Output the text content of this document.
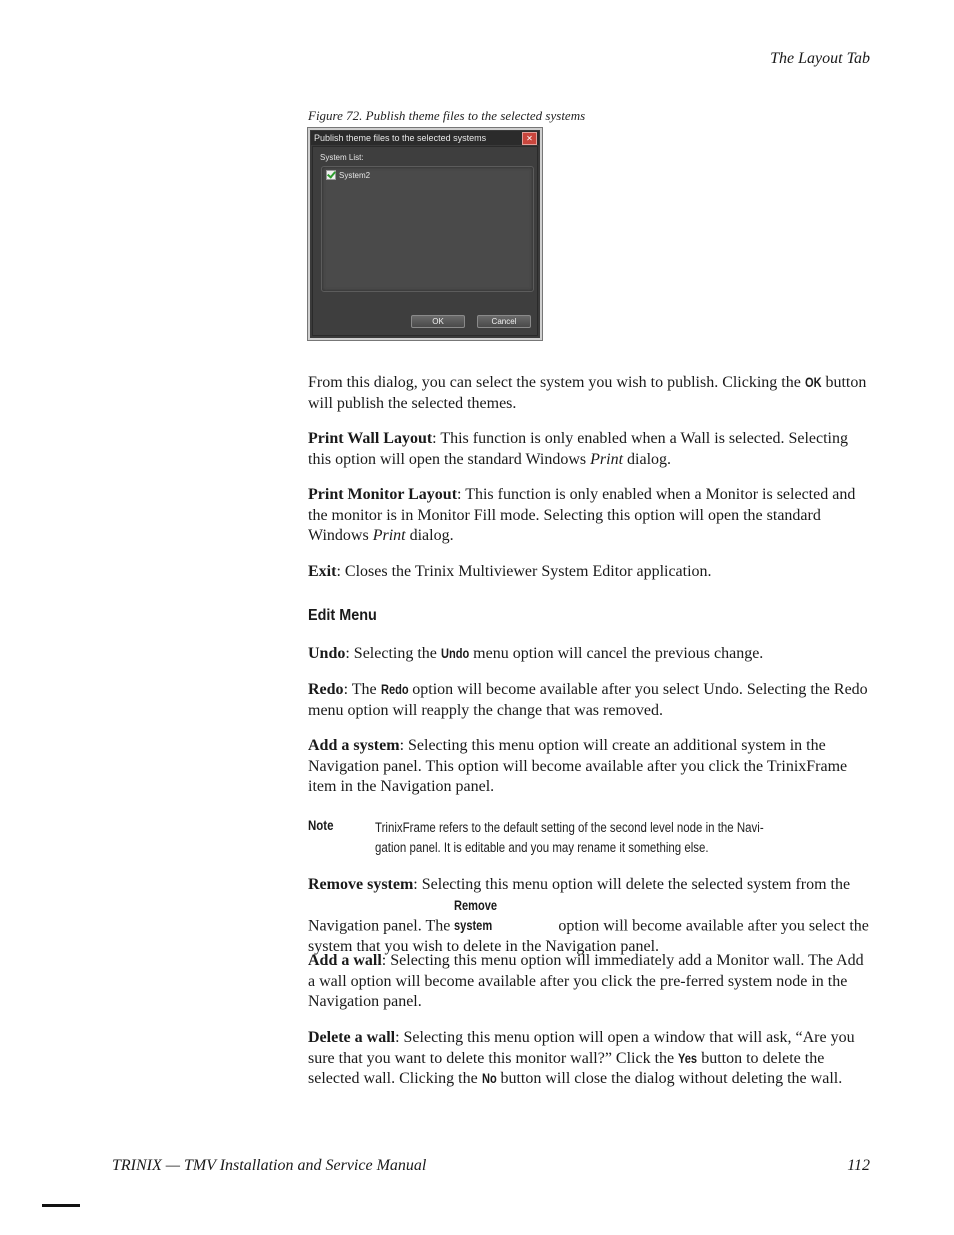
The Layout Tab
Figure 72. Publish theme files to the selected systems
Publish theme files to the selected systems	✕
System List:
System2
OK	Cancel

From this dialog, you can select the system you wish to publish. Clicking the OK button will publish the selected themes.

Print Wall Layout: This function is only enabled when a Wall is selected. Selecting this option will open the standard Windows Print dialog.

Print Monitor Layout: This function is only enabled when a Monitor is selected and the monitor is in Monitor Fill mode. Selecting this option will open the standard Windows Print dialog.

Exit: Closes the Trinix Multiviewer System Editor application.

Edit Menu

Undo: Selecting the Undo menu option will cancel the previous change.

Redo: The Redo option will become available after you select Undo. Selecting the Redo menu option will reapply the change that was removed.

Add a system: Selecting this menu option will create an additional system in the Navigation panel. This option will become available after you click the TrinixFrame item in the Navigation panel.

Note	TrinixFrame refers to the default setting of the second level node in the Navi-
gation panel. It is editable and you may rename it something else.

Remove system: Selecting this menu option will delete the selected system from the Navigation panel. The Remove system	option will become available after you select the system that you wish to delete in the Navigation panel.

Add a wall: Selecting this menu option will immediately add a Monitor wall. The Add a wall option will become available after you click the pre-ferred system node in the Navigation panel.

Delete a wall: Selecting this menu option will open a window that will ask, “Are you sure that you want to delete this monitor wall?” Click the Yes button to delete the selected wall. Clicking the No button will close the dialog without deleting the wall.

TRINIX — TMV Installation and Service Manual	112
